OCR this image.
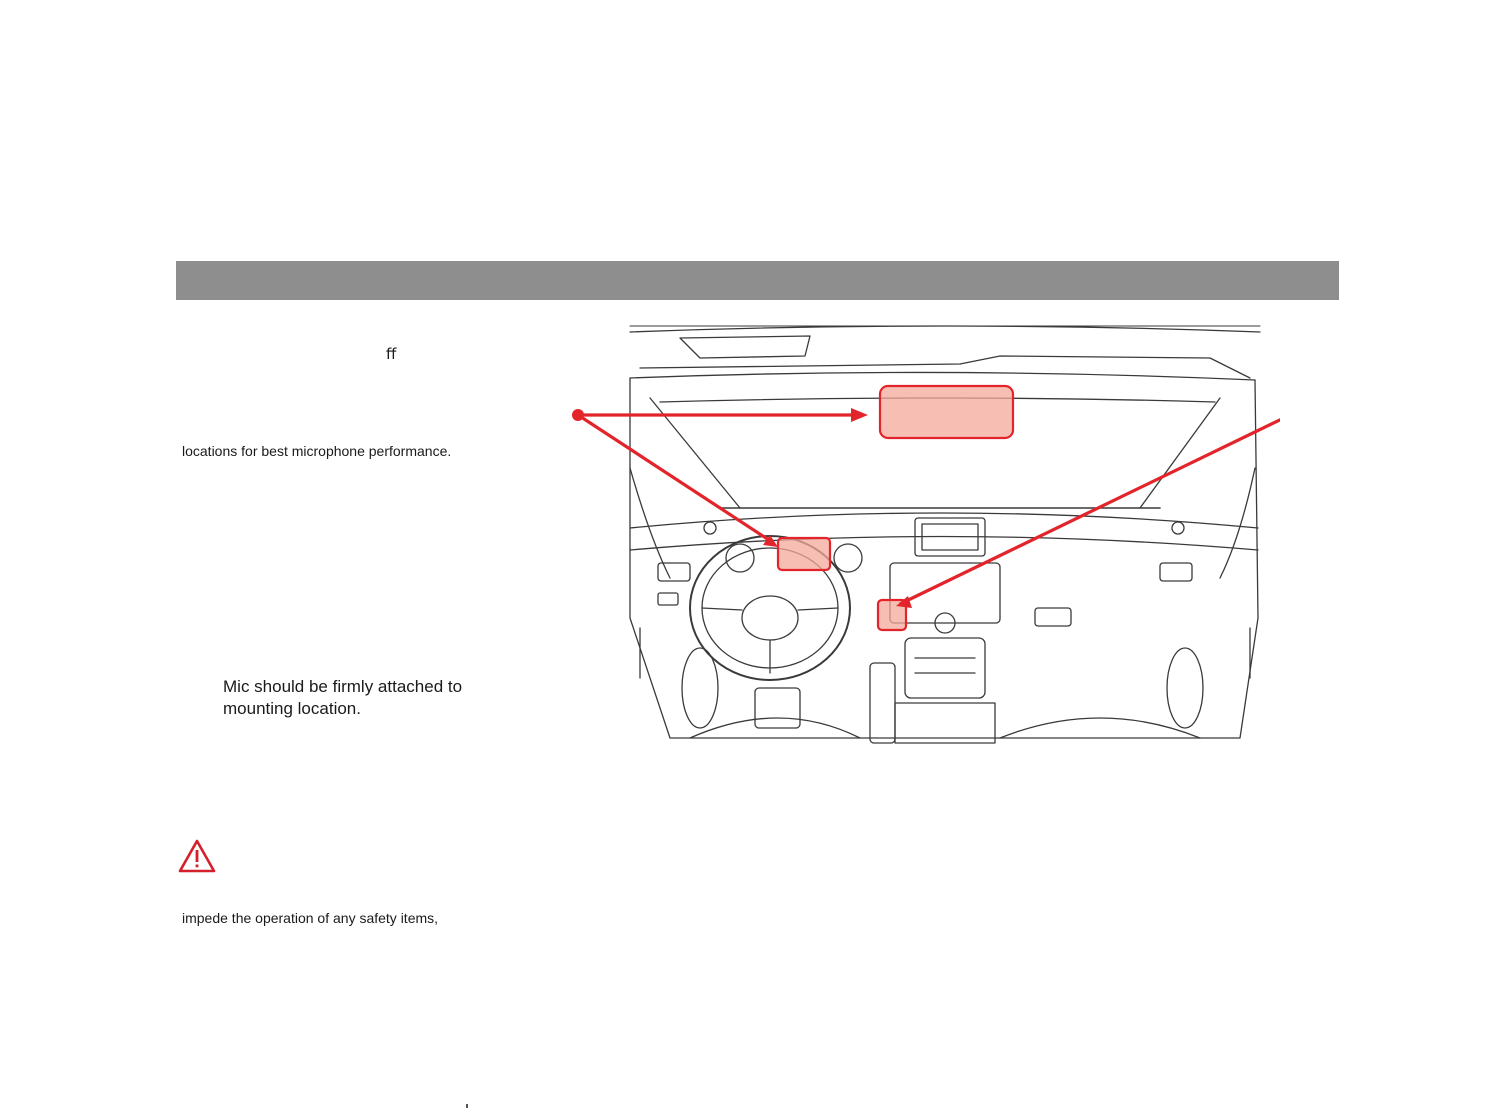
ﬀ
locations for best microphone performance.
Mic should be firmly attached to
mounting location.
impede the operation of any safety items,
